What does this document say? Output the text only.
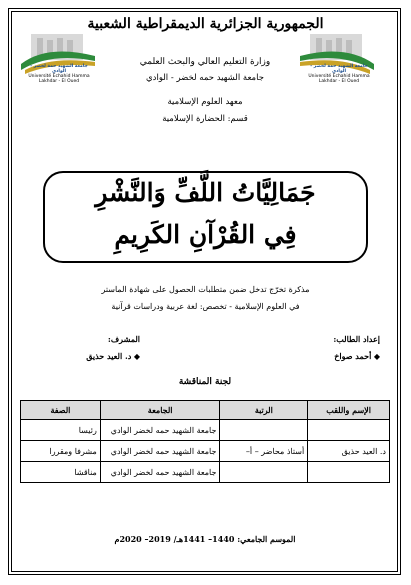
الجمهورية الجزائرية الديمقراطية الشعبية
جامعة الشهيد حمة لخضر - الوادي
Université Echahid Hamma Lakhdar - El Oued
جامعة الشهيد حمة لخضر - الوادي
Université Echahid Hamma Lakhdar - El Oued
وزارة التعليم العالي والبحث العلمي
جامعة الشهيد حمه لخضر - الوادي
معهد العلوم الإسلامية
قسم: الحضارة الإسلامية
جَمَالِيَّاتُ اللَّفِّ وَالنَّشْرِ
فِي القُرْآنِ الكَرِيمِ
مذكرة تخرّج تدخل ضمن متطلبات الحصول على شهادة الماستر
في العلوم الإسلامية - تخصص: لغة عربية ودراسات قرآنية
إعداد الطالب:
◆ أحمد صواخ
المشرف:
◆ د. العيد حذيق
لجنة المناقشة
الإسم واللقب	الرتبة	الجامعة	الصفة
		جامعة الشهيد حمه لخضر الوادي	رئيسا
د. العيد حذيق	أستاذ محاضر – أ–	جامعة الشهيد حمه لخضر الوادي	مشرفا ومقررا
		جامعة الشهيد حمه لخضر الوادي	مناقشا
الموسم الجامعي: 1440– 1441هـ/ 2019– 2020م
